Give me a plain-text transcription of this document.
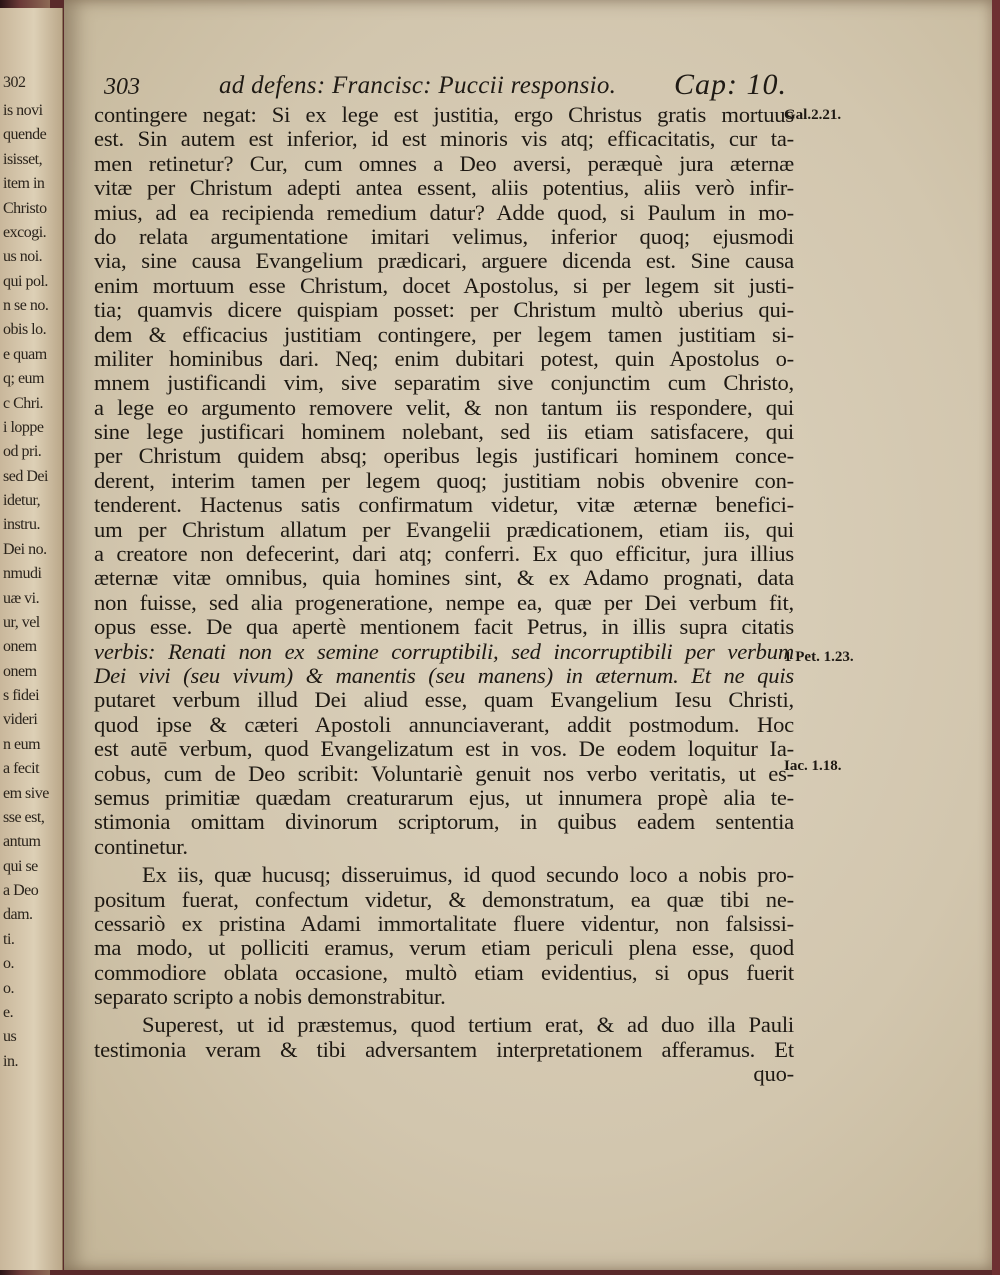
302
is novi
quende
isisset,
item in
Christo
excogi.
us noi.
qui pol.
n se no.
obis lo.
e quam
q; eum
c Chri.
i loppe
od pri.
sed Dei
idetur,
instru.
Dei no.
nmudi
uæ vi.
ur, vel
onem
onem
s fidei
videri
n eum
a fecit
em sive
sse est,
antum
qui se
a Deo
dam.
ti.
o.
o.
e.
us
in.
303	ad defens: Francisc: Puccii responsio. Cap: 10.
contingere negat: Si ex lege est justitia, ergo Christus gratis mortuus
est. Sin autem est inferior, id est minoris vis atq; efficacitatis, cur ta-
men retinetur? Cur, cum omnes a Deo aversi, peræquè jura æternæ
vitæ per Christum adepti antea essent, aliis potentius, aliis verò infir-
mius, ad ea recipienda remedium datur? Adde quod, si Paulum in mo-
do relata argumentatione imitari velimus, inferior quoq; ejusmodi
via, sine causa Evangelium prædicari, arguere dicenda est. Sine causa
enim mortuum esse Christum, docet Apostolus, si per legem sit justi-
tia; quamvis dicere quispiam posset: per Christum multò uberius qui-
dem & efficacius justitiam contingere, per legem tamen justitiam si-
militer hominibus dari. Neq; enim dubitari potest, quin Apostolus o-
mnem justificandi vim, sive separatim sive conjunctim cum Christo,
a lege eo argumento removere velit, & non tantum iis respondere, qui
sine lege justificari hominem nolebant, sed iis etiam satisfacere, qui
per Christum quidem absq; operibus legis justificari hominem conce-
derent, interim tamen per legem quoq; justitiam nobis obvenire con-
tenderent. Hactenus satis confirmatum videtur, vitæ æternæ benefici-
um per Christum allatum per Evangelii prædicationem, etiam iis, qui
a creatore non defecerint, dari atq; conferri. Ex quo efficitur, jura illius
æternæ vitæ omnibus, quia homines sint, & ex Adamo prognati, data
non fuisse, sed alia progeneratione, nempe ea, quæ per Dei verbum fit,
opus esse. De qua apertè mentionem facit Petrus, in illis supra citatis
verbis: Renati non ex semine corruptibili, sed incorruptibili per verbum
Dei vivi (seu vivum) & manentis (seu manens) in æternum. Et ne quis
putaret verbum illud Dei aliud esse, quam Evangelium Iesu Christi,
quod ipse & cæteri Apostoli annunciaverant, addit postmodum. Hoc
est autē verbum, quod Evangelizatum est in vos. De eodem loquitur Ia-
cobus, cum de Deo scribit: Voluntariè genuit nos verbo veritatis, ut es-
semus primitiæ quædam creaturarum ejus, ut innumera propè alia te-
stimonia omittam divinorum scriptorum, in quibus eadem sententia
continetur.
Ex iis, quæ hucusq; disseruimus, id quod secundo loco a nobis pro-
positum fuerat, confectum videtur, & demonstratum, ea quæ tibi ne-
cessariò ex pristina Adami immortalitate fluere videntur, non falsissi-
ma modo, ut polliciti eramus, verum etiam periculi plena esse, quod
commodiore oblata occasione, multò etiam evidentius, si opus fuerit
separato scripto a nobis demonstrabitur.
Superest, ut id præstemus, quod tertium erat, & ad duo illa Pauli
testimonia veram & tibi adversantem interpretationem afferamus. Et
quo-
Gal.2.21.
1 Pet. 1.23.
Iac. 1.18.
